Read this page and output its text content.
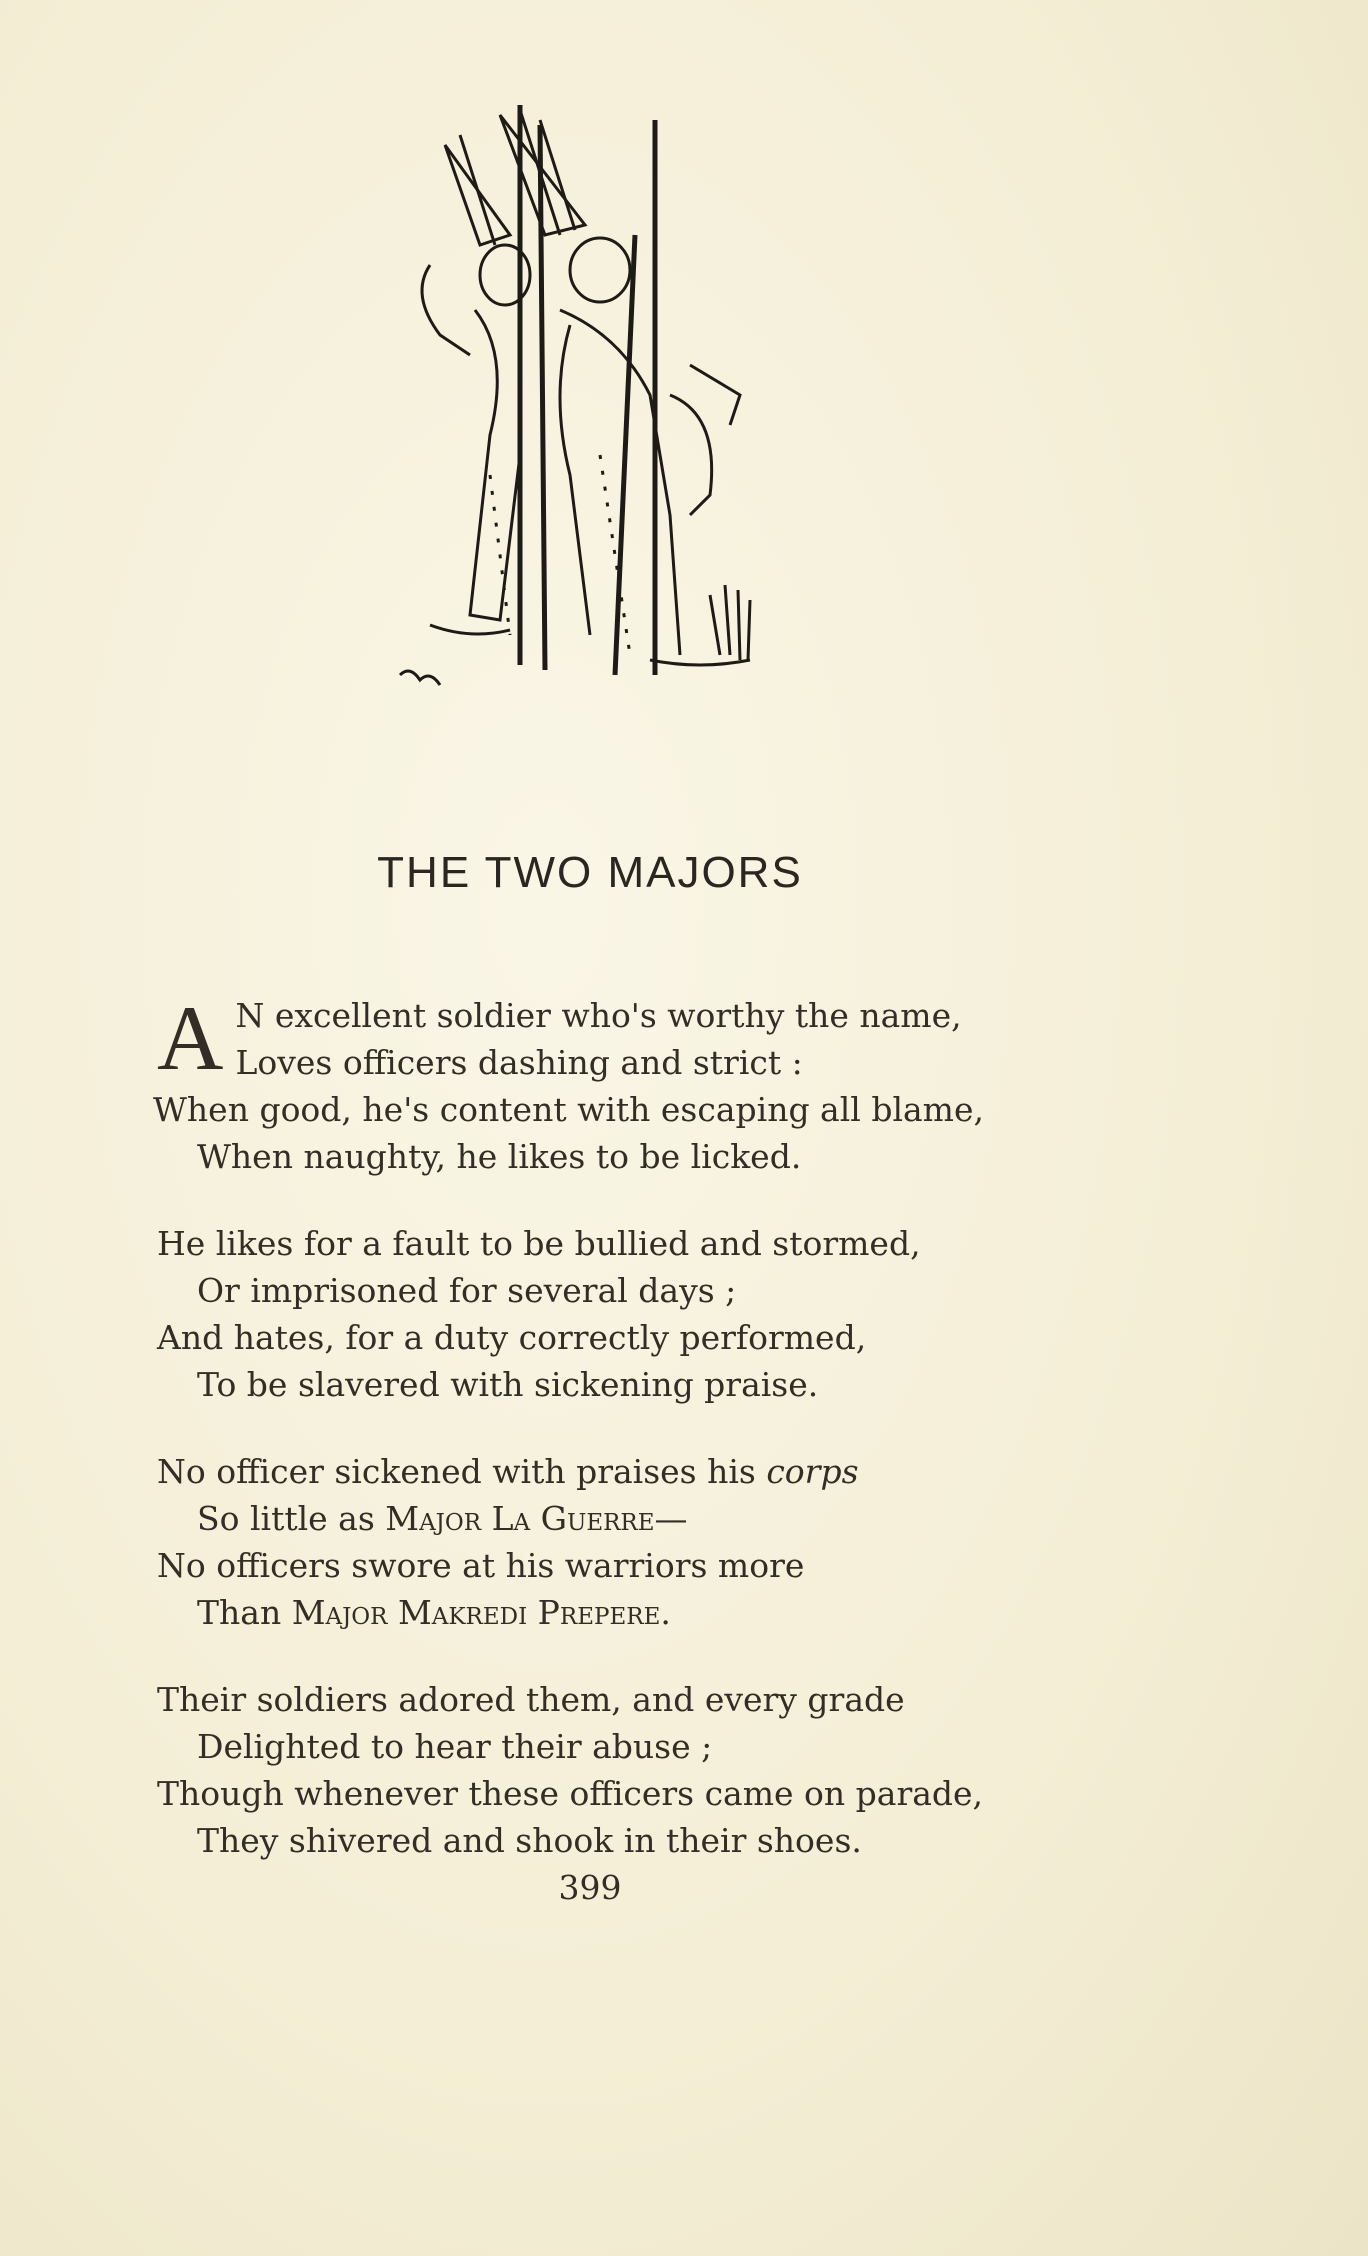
THE TWO MAJORS
A N excellent soldier who's worthy the name,
Loves officers dashing and strict :
When good, he's content with escaping all blame,
When naughty, he likes to be licked.
He likes for a fault to be bullied and stormed,
Or imprisoned for several days ;
And hates, for a duty correctly performed,
To be slavered with sickening praise.
No officer sickened with praises his corps
So little as Major La Guerre—
No officers swore at his warriors more
Than Major Makredi Prepere.
Their soldiers adored them, and every grade
Delighted to hear their abuse ;
Though whenever these officers came on parade,
They shivered and shook in their shoes.
399
